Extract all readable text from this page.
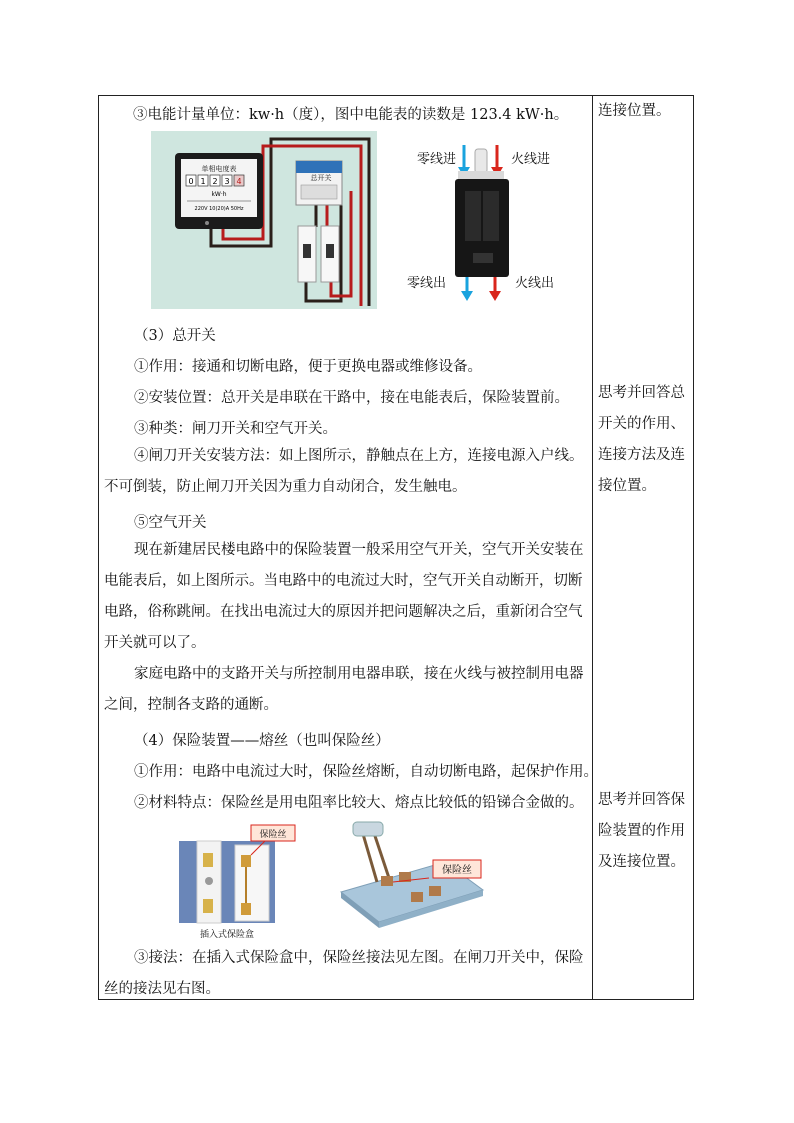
③电能计量单位：kw·h（度），图中电能表的读数是 123.4 kW·h。
单相电度表
0 1 2 3 4
kW·h
220V 10(20)A 50Hz
总开关
零线进	火线进
零线出	火线出
（3）总开关
①作用：接通和切断电路，便于更换电器或维修设备。
②安装位置：总开关是串联在干路中，接在电能表后，保险装置前。
③种类：闸刀开关和空气开关。
④闸刀开关安装方法：如上图所示，静触点在上方，连接电源入户线。不可倒装，防止闸刀开关因为重力自动闭合，发生触电。
⑤空气开关
现在新建居民楼电路中的保险装置一般采用空气开关，空气开关安装在电能表后，如上图所示。当电路中的电流过大时，空气开关自动断开，切断电路，俗称跳闸。在找出电流过大的原因并把问题解决之后，重新闭合空气开关就可以了。
家庭电路中的支路开关与所控制用电器串联，接在火线与被控制用电器之间，控制各支路的通断。
（4）保险装置——熔丝（也叫保险丝）
①作用：电路中电流过大时，保险丝熔断，自动切断电路，起保护作用。
②材料特点：保险丝是用电阻率比较大、熔点比较低的铅锑合金做的。
保险丝
插入式保险盒
保险丝
③接法：在插入式保险盒中，保险丝接法见左图。在闸刀开关中，保险丝的接法见右图。
连接位置。
思考并回答总开关的作用、连接方法及连接位置。
思考并回答保险装置的作用及连接位置。
